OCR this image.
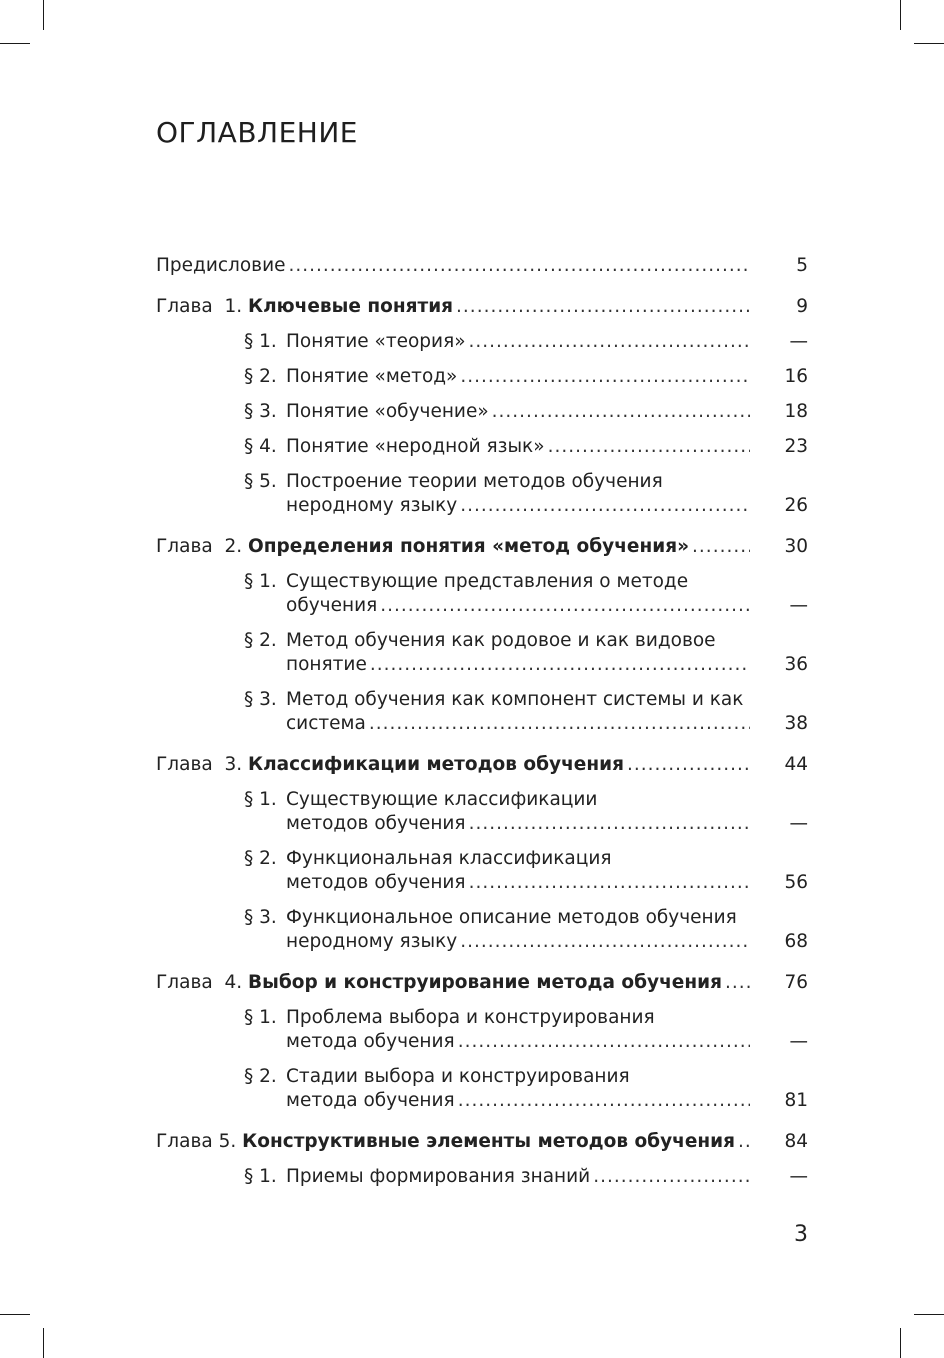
ОГЛАВЛЕНИЕ
Предисловие .....	5
Глава  1.
Ключевые понятия .....	9
§ 1. Понятие «теория» .....	—
§ 2. Понятие «метод» .....	16
§ 3. Понятие «обучение» .....	18
§ 4. Понятие «неродной язык» .....	23
§ 5. Построение теории методов обучения
неродному языку .....	26
Глава  2.
Определения понятия «метод обучения» .....	30
§ 1. Существующие представления о методе
обучения .....	—
§ 2. Метод обучения как родовое и как видовое
понятие .....	36
§ 3. Метод обучения как компонент системы и как
система .....	38
Глава  3.
Классификации методов обучения .....	44
§ 1. Существующие классификации
методов обучения .....	—
§ 2. Функциональная классификация
методов обучения .....	56
§ 3. Функциональное описание методов обучения
неродному языку .....	68
Глава  4.
Выбор и конструирование метода обучения .....	76
§ 1. Проблема выбора и конструирования
метода обучения .....	—
§ 2. Стадии выбора и конструирования
метода обучения .....	81
Глава 5.
Конструктивные элементы методов обучения .....	84
§ 1. Приемы формирования знаний .....	—
3
